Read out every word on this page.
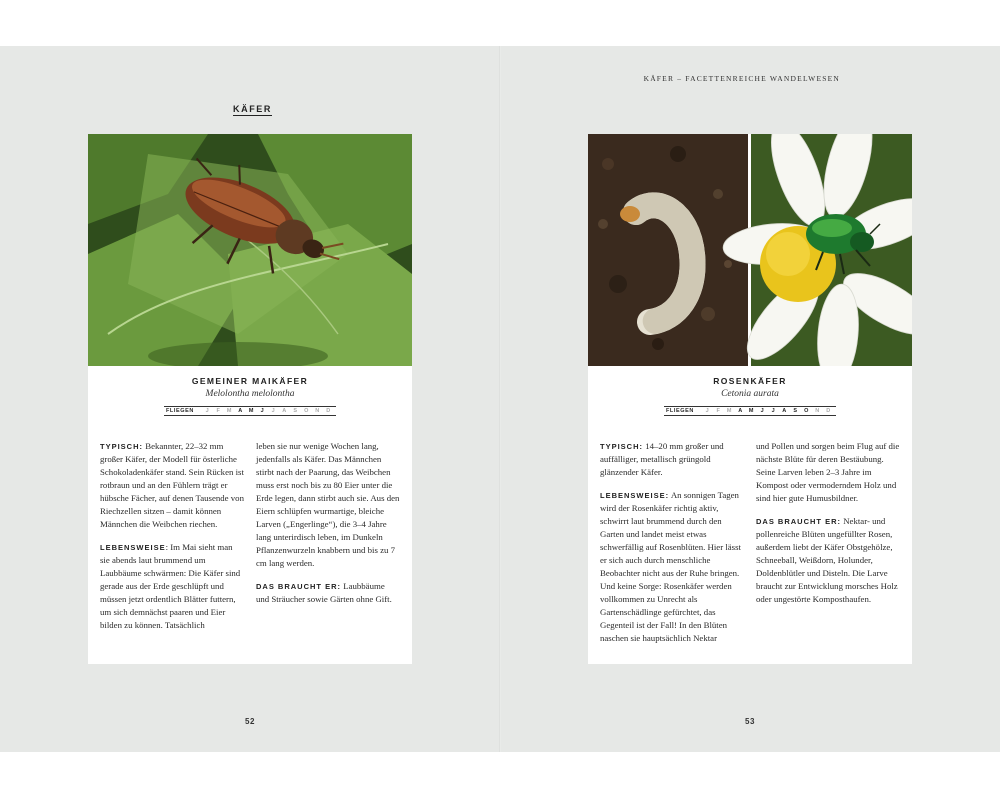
KÄFER
GEMEINER MAIKÄFER
Melolontha melolontha
FLIEGEN	J	F	M	A	M	J	J	A	S	O	N	D

TYPISCH: Bekannter, 22–32 mm großer Käfer, der Modell für österliche Schokoladenkäfer stand. Sein Rücken ist rotbraun und an den Fühlern trägt er hübsche Fächer, auf denen Tausende von Riechzellen sitzen – damit können Männchen die Weibchen riechen.

LEBENSWEISE: Im Mai sieht man sie abends laut brummend um Laubbäume schwärmen: Die Käfer sind gerade aus der Erde geschlüpft und müssen jetzt ordentlich Blätter futtern, um sich demnächst paaren und Eier bilden zu können. Tatsächlich

leben sie nur wenige Wochen lang, jedenfalls als Käfer. Das Männchen stirbt nach der Paarung, das Weibchen muss erst noch bis zu 80 Eier unter die Erde legen, dann stirbt auch sie. Aus den Eiern schlüpfen wurmartige, bleiche Larven („Engerlinge“), die 3–4 Jahre lang unterirdisch leben, im Dunkeln Pflanzenwurzeln knabbern und bis zu 7 cm lang werden.

DAS BRAUCHT ER: Laubbäume und Sträucher sowie Gärten ohne Gift.

52
KÄFER – FACETTENREICHE WANDELWESEN
ROSENKÄFER
Cetonia aurata
FLIEGEN	J	F	M	A	M	J	J	A	S	O	N	D

TYPISCH: 14–20 mm großer und auffälliger, metallisch grüngold glänzender Käfer.

LEBENSWEISE: An sonnigen Tagen wird der Rosenkäfer richtig aktiv, schwirrt laut brummend durch den Garten und landet meist etwas schwerfällig auf Rosenblüten. Hier lässt er sich auch durch menschliche Beobachter nicht aus der Ruhe bringen. Und keine Sorge: Rosenkäfer werden vollkommen zu Unrecht als Gartenschädlinge gefürchtet, das Gegenteil ist der Fall! In den Blüten naschen sie hauptsächlich Nektar

und Pollen und sorgen beim Flug auf die nächste Blüte für deren Bestäubung. Seine Larven leben 2–3 Jahre im Kompost oder vermoderndem Holz und sind hier gute Humusbildner.

DAS BRAUCHT ER: Nektar- und pollenreiche Blüten ungefüllter Rosen, außerdem liebt der Käfer Obstgehölze, Schneeball, Weißdorn, Holunder, Doldenblütler und Disteln. Die Larve braucht zur Entwicklung morsches Holz oder ungestörte Komposthaufen.

53
